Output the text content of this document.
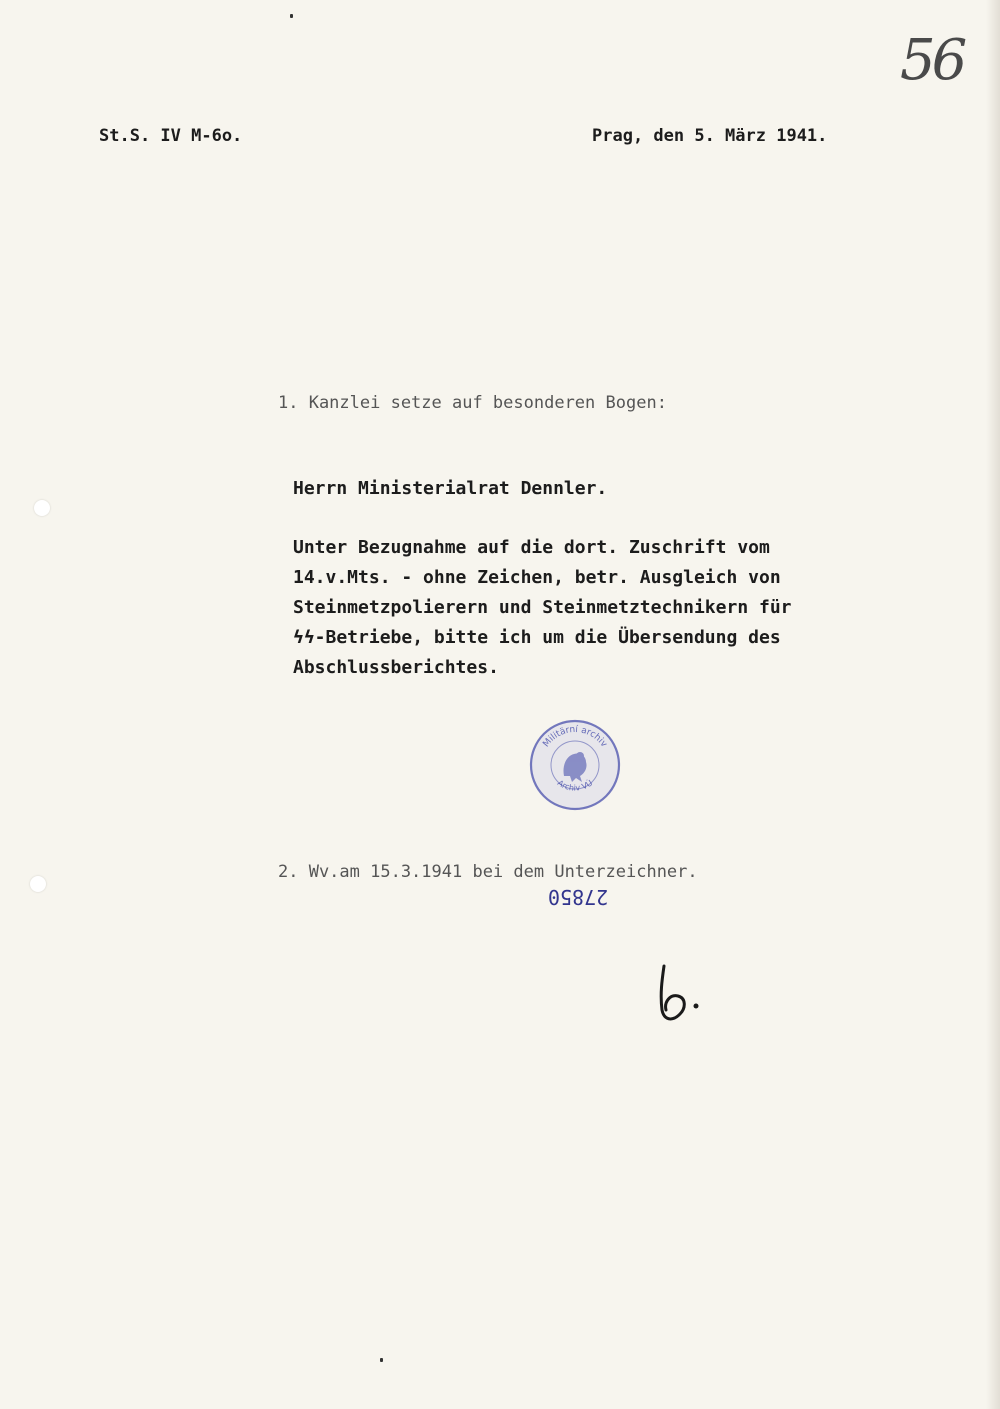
56
St.S. IV M-6o.	Prag, den 5. März 1941.
1. Kanzlei setze auf besonderen Bogen:
Herrn Ministerialrat Dennler.
Unter Bezugnahme auf die dort. Zuschrift vom
14.v.Mts. - ohne Zeichen, betr. Ausgleich von
Steinmetzpolierern und Steinmetztechnikern für
ϟϟ-Betriebe, bitte ich um die Übersendung des
Abschlussberichtes.
Militärní archiv
Archiv VÚ
2. Wv.am 15.3.1941 bei dem Unterzeichner.
27850
